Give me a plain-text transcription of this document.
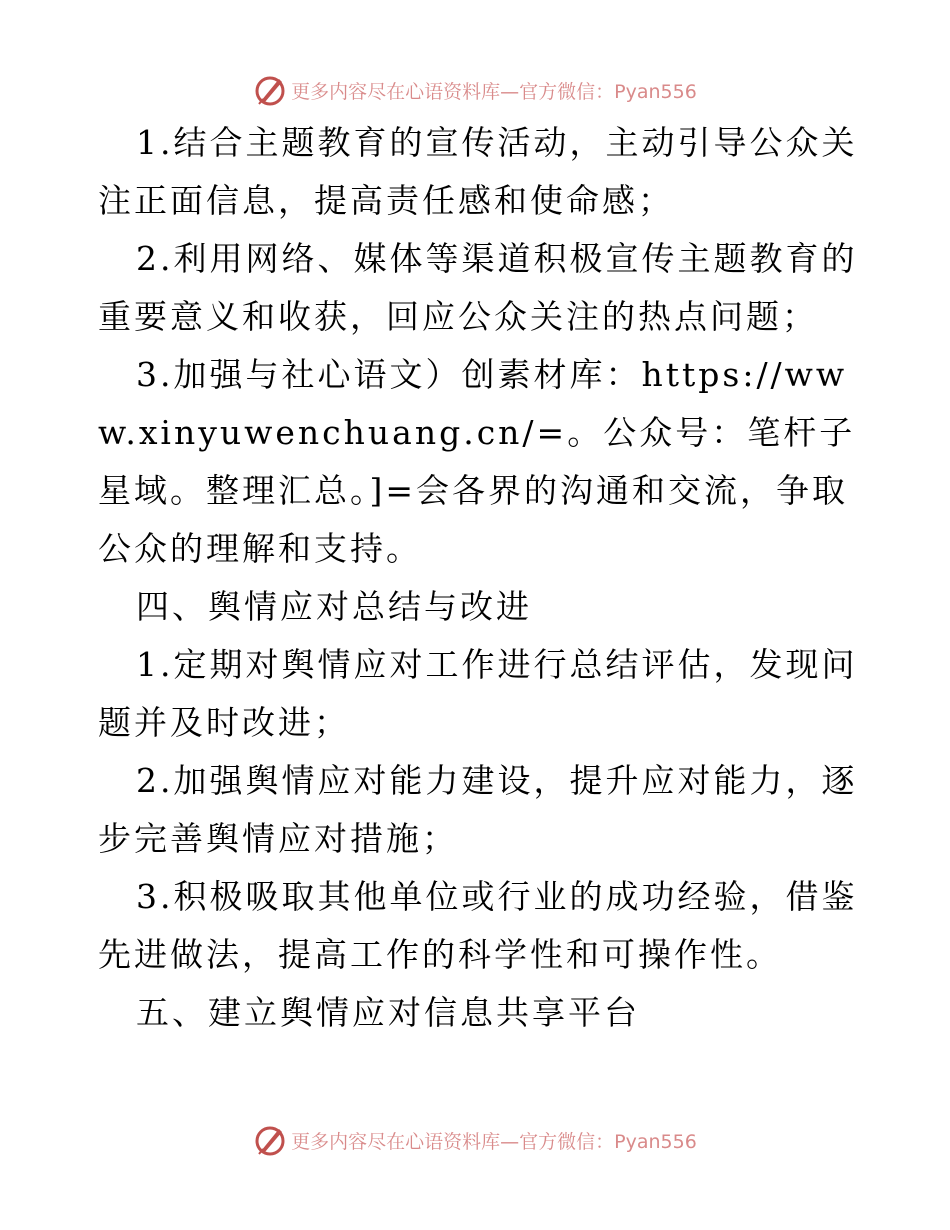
更多内容尽在心语资料库—官方微信：Pyan556

1.结合主题教育的宣传活动，主动引导公众关注正面信息，提高责任感和使命感；

2.利用网络、媒体等渠道积极宣传主题教育的重要意义和收获，回应公众关注的热点问题；

3.加强与社心语文）创素材库：https://www.xinyuwenchuang.cn/=。公众号：笔杆子星域。整理汇总。]=会各界的沟通和交流，争取公众的理解和支持。

四、舆情应对总结与改进

1.定期对舆情应对工作进行总结评估，发现问题并及时改进；

2.加强舆情应对能力建设，提升应对能力，逐步完善舆情应对措施；

3.积极吸取其他单位或行业的成功经验，借鉴先进做法，提高工作的科学性和可操作性。

五、建立舆情应对信息共享平台

更多内容尽在心语资料库—官方微信：Pyan556
